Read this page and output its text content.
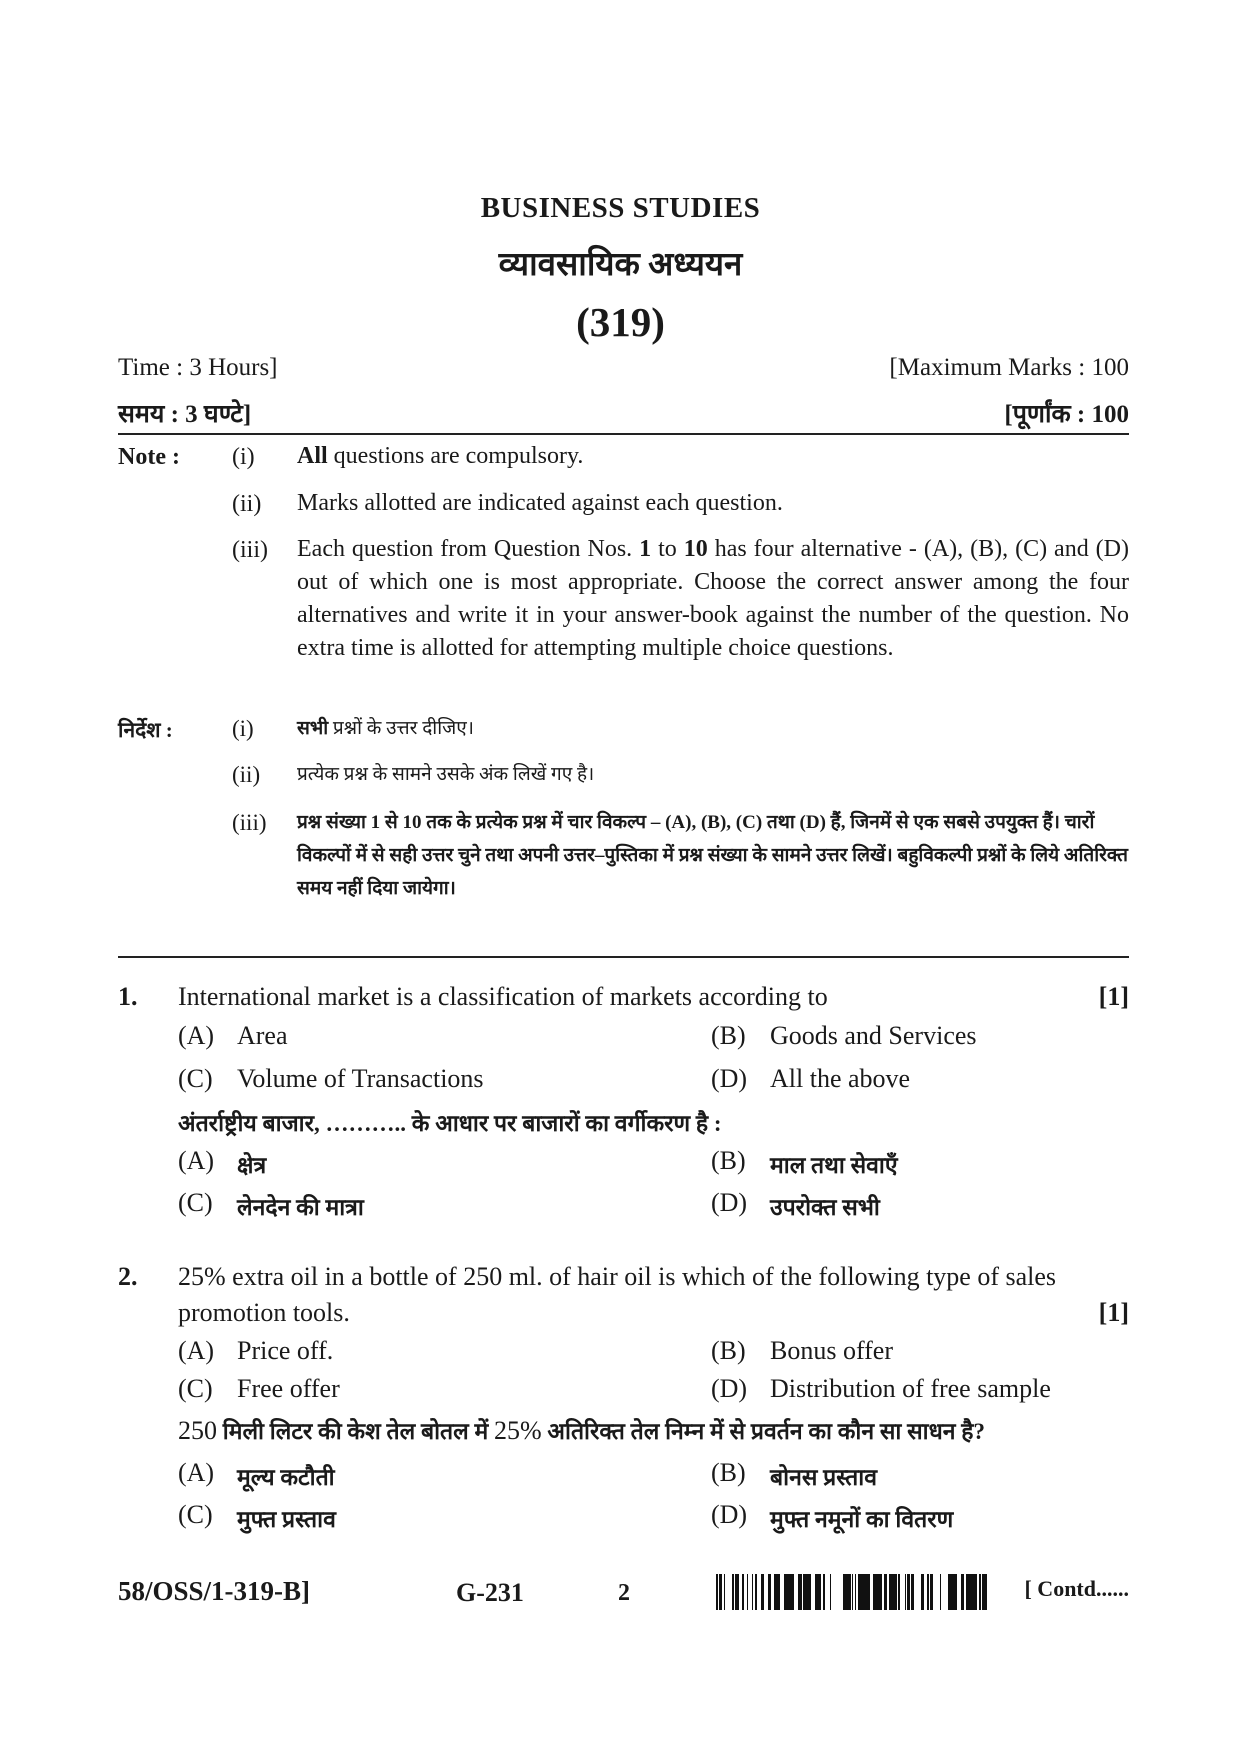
BUSINESS STUDIES
व्यावसायिक अध्ययन
(319)
Time : 3 Hours]	[Maximum Marks : 100
समय : 3 घण्टे]	[पूर्णांक : 100
Note : (i) All questions are compulsory.
(ii) Marks allotted are indicated against each question.
(iii) Each question from Question Nos. 1 to 10 has four alternative - (A), (B), (C) and (D) out of which one is most appropriate. Choose the correct answer among the four alternatives and write it in your answer-book against the number of the question. No extra time is allotted for attempting multiple choice questions.
निर्देश :	(i) सभी प्रश्नों के उत्तर दीजिए।
(ii) प्रत्येक प्रश्न के सामने उसके अंक लिखें गए है।
(iii) प्रश्न संख्या 1 से 10 तक के प्रत्येक प्रश्न में चार विकल्प – (A), (B), (C) तथा (D) हैं, जिनमें से एक सबसे उपयुक्त हैं। चारों विकल्पों में से सही उत्तर चुने तथा अपनी उत्तर–पुस्तिका में प्रश्न संख्या के सामने उत्तर लिखें। बहुविकल्पी प्रश्नों के लिये अतिरिक्त समय नहीं दिया जायेगा।
1. International market is a classification of markets according to	[1]
(A) Area	(B) Goods and Services
(C) Volume of Transactions	(D) All the above
अंतर्राष्ट्रीय बाजार, ……….. के आधार पर बाजारों का वर्गीकरण है :
(A) क्षेत्र	(B) माल तथा सेवाएँ
(C) लेनदेन की मात्रा	(D) उपरोक्त सभी
2. 25% extra oil in a bottle of 250 ml. of hair oil is which of the following type of sales
promotion tools.	[1]
(A) Price off.	(B) Bonus offer
(C) Free offer	(D) Distribution of free sample
250 मिली लिटर की केश तेल बोतल में 25% अतिरिक्त तेल निम्न में से प्रवर्तन का कौन सा साधन है?
(A) मूल्य कटौती	(B) बोनस प्रस्ताव
(C) मुफ्त प्रस्ताव	(D) मुफ्त नमूनों का वितरण
58/OSS/1-319-B]	G-231	2	[ Contd......
